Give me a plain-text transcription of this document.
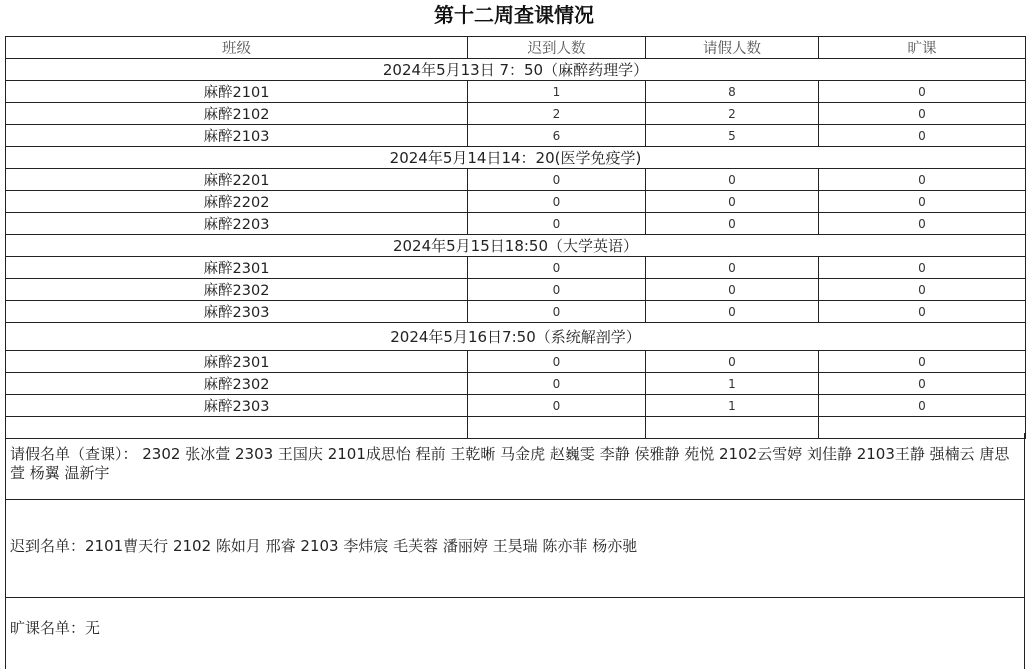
第十二周查课情况
班级	迟到人数	请假人数	旷课
2024年5月13日 7：50（麻醉药理学）			
麻醉2101	1	8	0
麻醉2102	2	2	0
麻醉2103	6	5	0
2024年5月14日14：20(医学免疫学)			
麻醉2201	0	0	0
麻醉2202	0	0	0
麻醉2203	0	0	0
2024年5月15日18:50（大学英语）			
麻醉2301	0	0	0
麻醉2302	0	0	0
麻醉2303	0	0	0
2024年5月16日7:50（系统解剖学）			
麻醉2301	0	0	0
麻醉2302	0	1	0
麻醉2303	0	1	0

请假名单（查课）： 2302 张冰萱 2303 王国庆 2101成思怡 程前 王乾晰 马金虎 赵巍雯 李静 侯雅静 苑悦 2102云雪婷 刘佳静 2103王静 强楠云 唐思萱 杨翼 温新宇
迟到名单：2101曹天行 2102 陈如月 邢睿 2103 李炜宸 毛芙蓉 潘丽婷 王昊瑞 陈亦菲 杨亦驰
旷课名单：无
